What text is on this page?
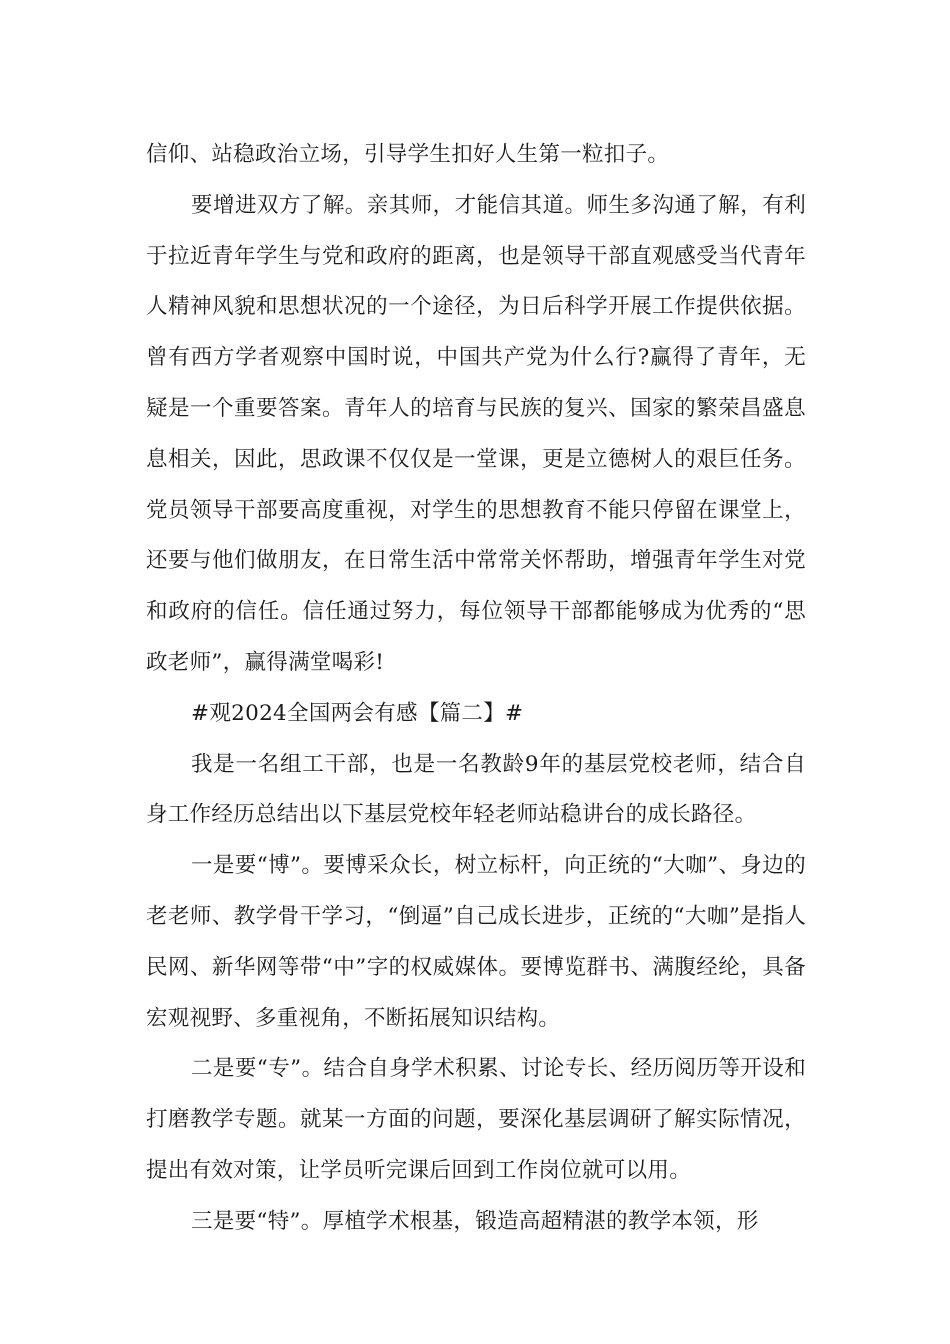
信仰、站稳政治立场，引导学生扣好人生第一粒扣子。

要增进双方了解。亲其师，才能信其道。师生多沟通了解，有利于拉近青年学生与党和政府的距离，也是领导干部直观感受当代青年人精神风貌和思想状况的一个途径，为日后科学开展工作提供依据。曾有西方学者观察中国时说，中国共产党为什么行?赢得了青年，无疑是一个重要答案。青年人的培育与民族的复兴、国家的繁荣昌盛息息相关，因此，思政课不仅仅是一堂课，更是立德树人的艰巨任务。党员领导干部要高度重视，对学生的思想教育不能只停留在课堂上，还要与他们做朋友，在日常生活中常常关怀帮助，增强青年学生对党和政府的信任。信任通过努力，每位领导干部都能够成为优秀的“思政老师”，赢得满堂喝彩!

#观2024全国两会有感【篇二】#

我是一名组工干部，也是一名教龄9年的基层党校老师，结合自身工作经历总结出以下基层党校年轻老师站稳讲台的成长路径。

一是要“博”。要博采众长，树立标杆，向正统的“大咖”、身边的老老师、教学骨干学习，“倒逼”自己成长进步，正统的“大咖”是指人民网、新华网等带“中”字的权威媒体。要博览群书、满腹经纶，具备宏观视野、多重视角，不断拓展知识结构。

二是要“专”。结合自身学术积累、讨论专长、经历阅历等开设和打磨教学专题。就某一方面的问题，要深化基层调研了解实际情况，提出有效对策，让学员听完课后回到工作岗位就可以用。

三是要“特”。厚植学术根基，锻造高超精湛的教学本领，形
